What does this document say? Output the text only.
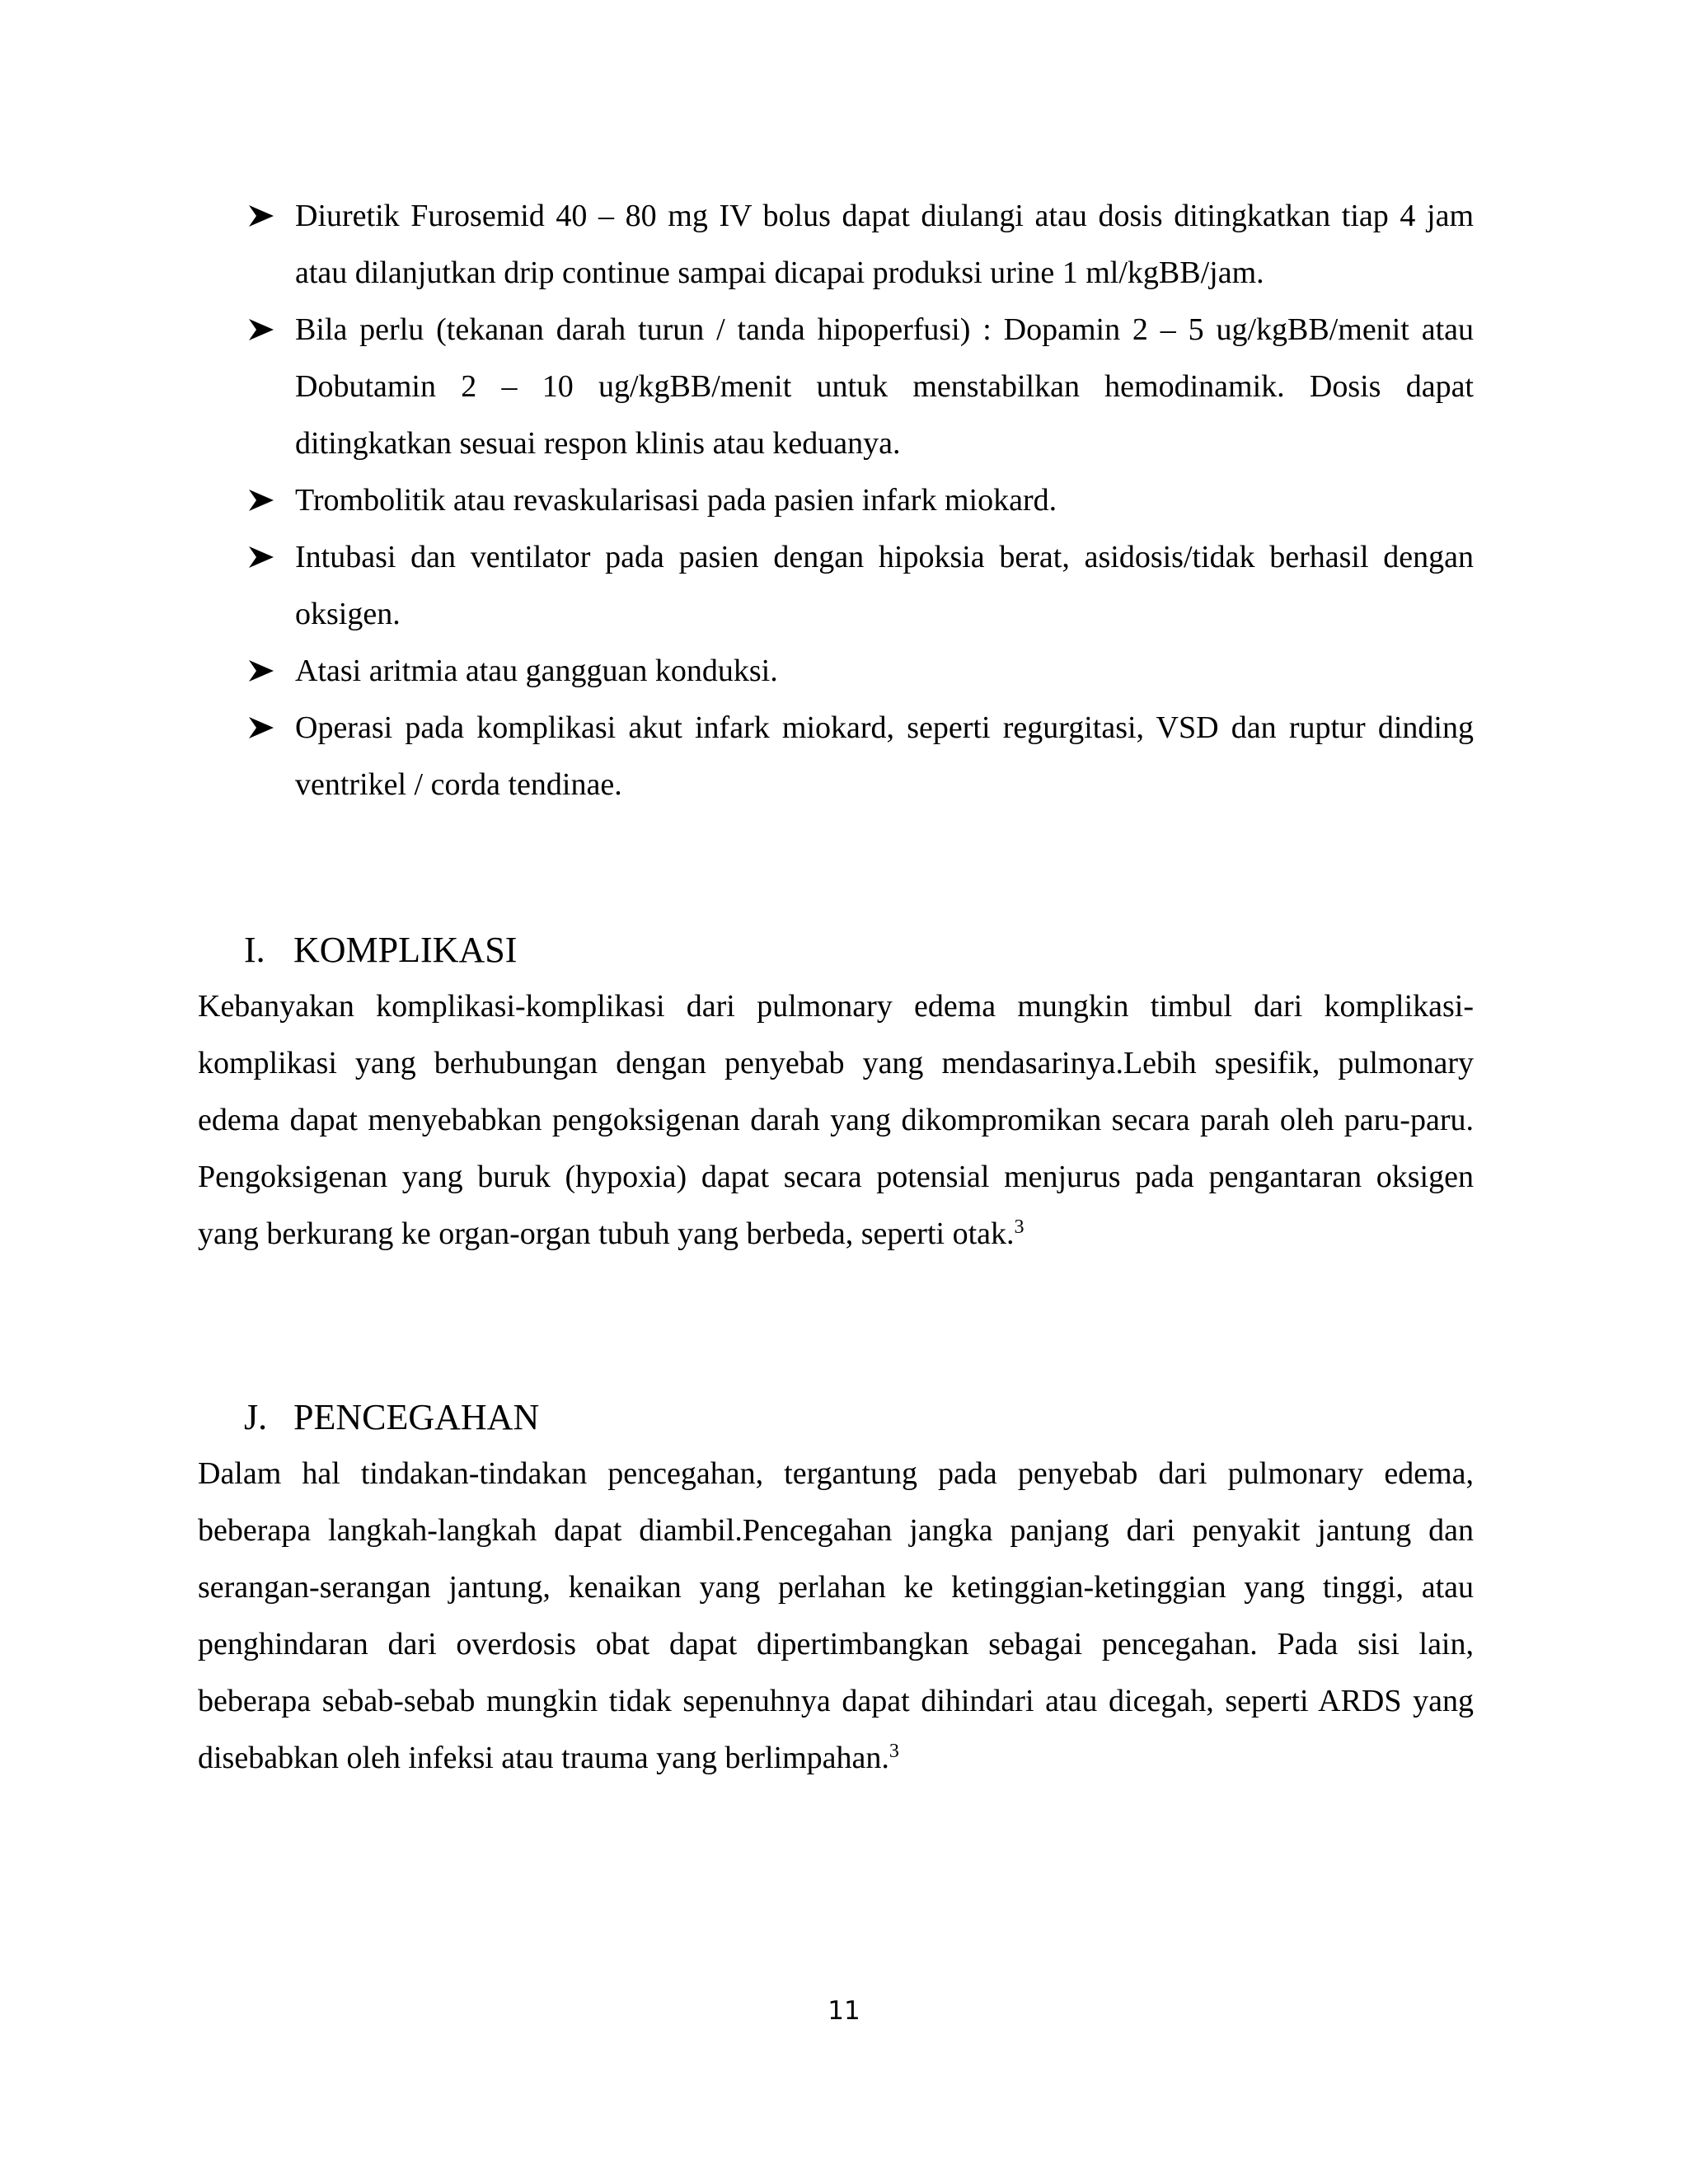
Diuretik Furosemid 40 – 80 mg IV bolus dapat diulangi atau dosis ditingkatkan tiap 4 jam atau dilanjutkan drip continue sampai dicapai produksi urine 1 ml/kgBB/jam.
Bila perlu (tekanan darah turun / tanda hipoperfusi) : Dopamin 2 – 5 ug/kgBB/menit atau Dobutamin 2 – 10 ug/kgBB/menit untuk menstabilkan hemodinamik. Dosis dapat ditingkatkan sesuai respon klinis atau keduanya.
Trombolitik atau revaskularisasi pada pasien infark miokard.
Intubasi dan ventilator pada pasien dengan hipoksia berat, asidosis/tidak berhasil dengan oksigen.
Atasi aritmia atau gangguan konduksi.
Operasi pada komplikasi akut infark miokard, seperti regurgitasi, VSD dan ruptur dinding ventrikel / corda tendinae.
I. KOMPLIKASI

Kebanyakan komplikasi-komplikasi dari pulmonary edema mungkin timbul dari komplikasi-komplikasi yang berhubungan dengan penyebab yang mendasarinya.Lebih spesifik, pulmonary edema dapat menyebabkan pengoksigenan darah yang dikompromikan secara parah oleh paru-paru. Pengoksigenan yang buruk (hypoxia) dapat secara potensial menjurus pada pengantaran oksigen yang berkurang ke organ-organ tubuh yang berbeda, seperti otak.$^3$

J. PENCEGAHAN

Dalam hal tindakan-tindakan pencegahan, tergantung pada penyebab dari pulmonary edema, beberapa langkah-langkah dapat diambil.Pencegahan jangka panjang dari penyakit jantung dan serangan-serangan jantung, kenaikan yang perlahan ke ketinggian-ketinggian yang tinggi, atau penghindaran dari overdosis obat dapat dipertimbangkan sebagai pencegahan. Pada sisi lain, beberapa sebab-sebab mungkin tidak sepenuhnya dapat dihindari atau dicegah, seperti ARDS yang disebabkan oleh infeksi atau trauma yang berlimpahan.$^3$

11
